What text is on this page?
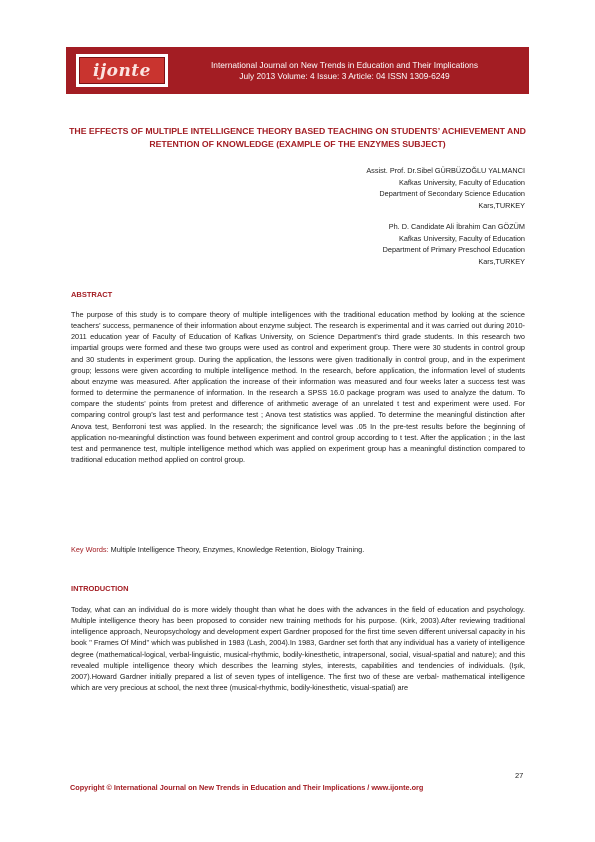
ijonte	International Journal on New Trends in Education and Their Implications
July 2013 Volume: 4 Issue: 3 Article: 04 ISSN 1309-6249
THE EFFECTS OF MULTIPLE INTELLIGENCE THEORY BASED TEACHING ON STUDENTS’ ACHIEVEMENT AND RETENTION OF KNOWLEDGE (EXAMPLE OF THE ENZYMES SUBJECT)
Assist. Prof. Dr.Sibel GÜRBÜZOĞLU YALMANCI
Kafkas University, Faculty of Education
Department of Secondary Science Education
Kars,TURKEY
Ph. D. Candidate Ali İbrahim Can GÖZÜM
Kafkas University, Faculty of Education
Department of Primary Preschool Education
Kars,TURKEY
ABSTRACT

The purpose of this study is to compare theory of multiple intelligences with the traditional education method by looking at the science teachers’ success, permanence of their information about enzyme subject. The research is experimental and it was carried out during 2010-2011 education year of Faculty of Education of Kafkas University, on Science Department’s third grade students. In this research two impartial groups were formed and these two groups were used as control and experiment group. There were 30 students in control group and 30 students in experiment group. During the application, the lessons were given traditionally in control group, and in the experiment group; lessons were given according to multiple intelligence method. In the research, before application, the information level of students about enzyme was measured. After application the increase of their information was measured and four weeks later a success test was formed to determine the permanence of information. In the research a SPSS 16.0 package program was used to analyze the datum. To compare the students’ points from pretest and difference of arithmetic average of an unrelated t test and experiment were used. For comparing control group’s last test and performance test ; Anova test statistics was applied. To determine the meaningful distinction after Anova test, Benforroni test was applied. In the research; the significance level was .05 In the pre-test results before the beginning of application no-meaningful distinction was found between experiment and control group according to t test. After the application ; in the last test and permanence test, multiple intelligence method which was applied on experiment group has a meaningful distinction compared to traditional education method applied on control group.

Key Words: Multiple Intelligence Theory, Enzymes, Knowledge Retention, Biology Training.
INTRODUCTION

Today, what can an individual do is more widely thought than what he does with the advances in the field of education and psychology. Multiple intelligence theory has been proposed to consider new training methods for his purpose. (Kirk, 2003).After reviewing traditional intelligence approach, Neuropsychology and development expert Gardner proposed for the first time seven different universal capacity in his book ’’ Frames Of Mind’’ which was published in 1983 (Lash, 2004).In 1983, Gardner set forth that any individual has a variety of intelligence degree (mathematical-logical, verbal-linguistic, musical-rhythmic, bodily-kinesthetic, intrapersonal, social, visual-spatial and nature); and this revealed multiple intelligence theory which describes the learning styles, interests, capabilities and tendencies of individuals. (Işık, 2007).Howard Gardner initially prepared a list of seven types of intelligence. The first two of these are verbal- mathematical intelligence which are very precious at school, the next three (musical-rhythmic, bodily-kinesthetic, visual-spatial) are

27
Copyright © International Journal on New Trends in Education and Their Implications / www.ijonte.org
